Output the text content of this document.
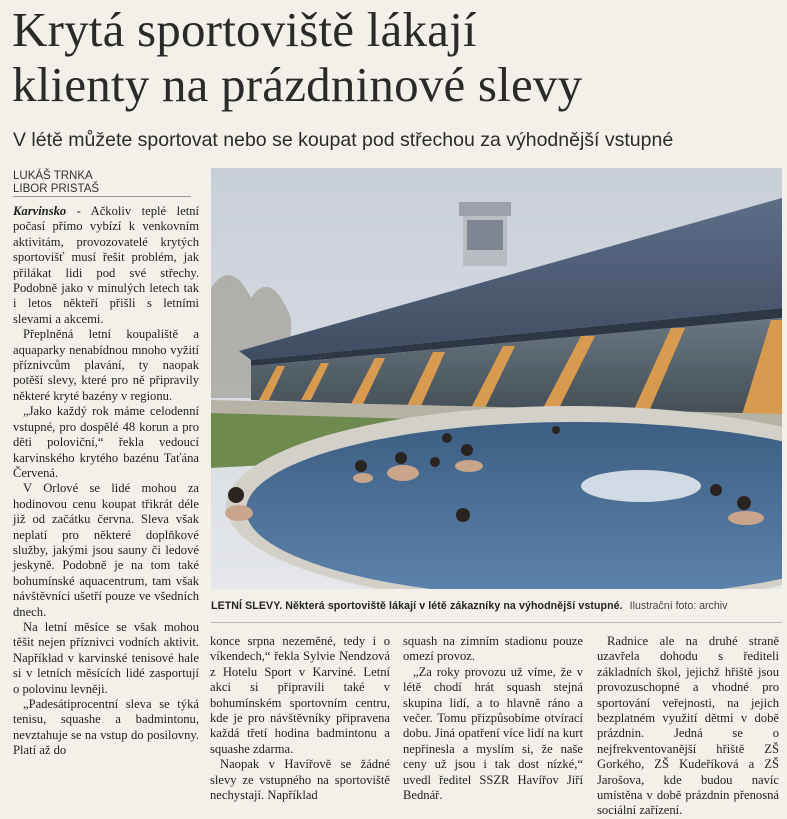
Krytá sportoviště lákají
klienty na prázdninové slevy
V létě můžete sportovat nebo se koupat pod střechou za výhodnější vstupné
LUKÁŠ TRNKA
LIBOR PRISTAŠ

Karvinsko - Ačkoliv teplé letní počasí přímo vybízí k venkovním aktivitám, provozovatelé krytých sportovišť musí řešit problém, jak přilákat lidi pod své střechy. Podobně jako v minulých letech tak i letos někteří přišli s letními slevami a akcemi.

Přeplněná letní koupaliště a aquaparky nenabídnou mnoho vyžití příznivcům plavání, ty naopak potěší slevy, které pro ně připravily některé kryté bazény v regionu.

„Jako každý rok máme celodenní vstupné, pro dospělé 48 korun a pro děti poloviční,“ řekla vedoucí karvinského krytého bazénu Taťána Červená.

V Orlové se lidé mohou za hodinovou cenu koupat třikrát déle již od začátku června. Sleva však neplatí pro některé doplňkové služby, jakými jsou sauny či ledové jeskyně. Podobně je na tom také bohumínské aquacentrum, tam však návštěvníci ušetří pouze ve všedních dnech.

Na letní měsíce se však mohou těšit nejen příznivci vodních aktivit. Například v karvinské tenisové hale si v letních měsících lidé zasportují o polovinu levněji.

„Padesátiprocentní sleva se týká tenisu, squashe a badmintonu, nevztahuje se na vstup do posilovny. Platí až do

LETNÍ SLEVY. Některá sportoviště lákají v létě zákazníky na výhodnější vstupné. Ilustrační foto: archiv

konce srpna nezeměné, tedy i o víkendech,“ řekla Sylvie Nendzová z Hotelu Sport v Karviné. Letní akci si připravili také v bohumínském sportovním centru, kde je pro návštěvníky připravena každá třetí hodina badmintonu a squashe zdarma.

Naopak v Havířově se žádné slevy ze vstupného na sportoviště nechystají. Například

squash na zimním stadionu pouze omezí provoz.

„Za roky provozu už víme, že v létě chodí hrát squash stejná skupina lidí, a to hlavně ráno a večer. Tomu přizpůsobíme otvírací dobu. Jiná opatření více lidí na kurt nepřinesla a myslím si, že naše ceny už jsou i tak dost nízké,“ uvedl ředitel SSZR Havířov Jiří Bednář.

Radnice ale na druhé straně uzavřela dohodu s řediteli základních škol, jejichž hřiště jsou provozuschopné a vhodné pro sportování veřejnosti, na jejich bezplatném využití dětmi v době prázdnin. Jedná se o nejfrekventovanější hřiště ZŠ Gorkého, ZŠ Kudeříková a ZŠ Jarošova, kde budou navíc umístěna v době prázdnin přenosná sociální zařízení.
